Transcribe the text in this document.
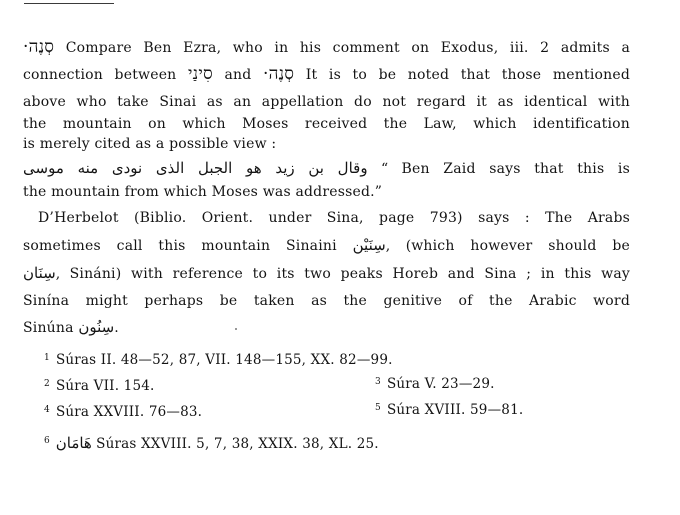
סְנֶה· Compare Ben Ezra, who in his comment on Exodus, iii. 2 admits a
connection between סִינַי and סְנֶה· It is to be noted that those mentioned
above who take Sinai as an appellation do not regard it as identical with
the mountain on which Moses received the Law, which identification
is merely cited as a possible view :
وقال بن زيد هو الجبل الذى نودى منه موسى “ Ben Zaid says that this is
the mountain from which Moses was addressed.”
D’Herbelot (Biblio. Orient. under Sina, page 793) says : The Arabs
sometimes call this mountain Sinaini سِنَيْن, (which however should be
سِنَان, Sináni) with reference to its two peaks Horeb and Sina ; in this way
Sinína might perhaps be taken as the genitive of the Arabic word
Sinúna سِنُون.
$^1$ Súras II. 48—52, 87, VII. 148—155, XX. 82—99.
$^2$ Súra VII. 154.	$^3$ Súra V. 23—29.
$^4$ Súra XXVIII. 76—83.	$^5$ Súra XVIII. 59—81.
$^6$ هَامَان Súras XXVIII. 5, 7, 38, XXIX. 38, XL. 25.
